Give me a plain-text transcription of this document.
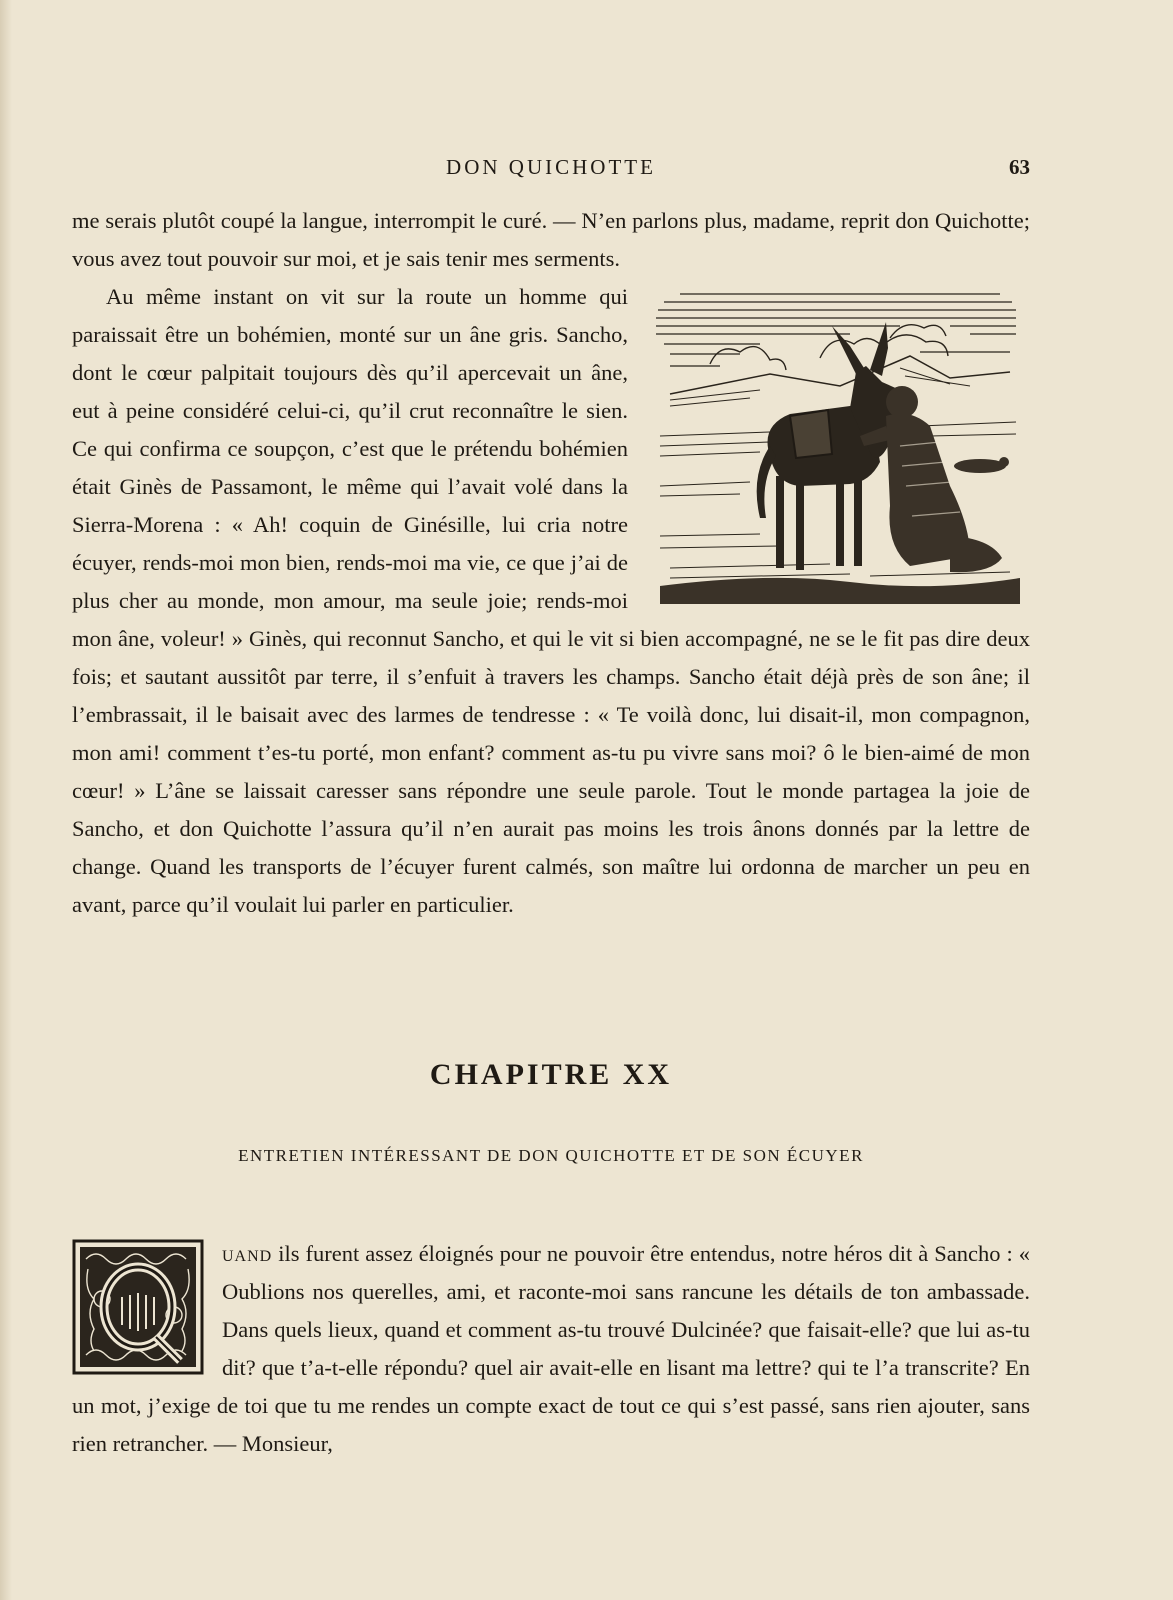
DON QUICHOTTE	63

me serais plutôt coupé la langue, interrompit le curé. — N’en parlons plus, madame, reprit don Quichotte; vous avez tout pouvoir sur moi, et je sais tenir mes serments.

Au même instant on vit sur la route un homme qui paraissait être un bohémien, monté sur un âne gris. Sancho, dont le cœur palpitait toujours dès qu’il apercevait un âne, eut à peine considéré celui-ci, qu’il crut reconnaître le sien. Ce qui confirma ce soupçon, c’est que le prétendu bohémien était Ginès de Passamont, le même qui l’avait volé dans la Sierra-Morena : « Ah! coquin de Ginésille, lui cria notre écuyer, rends-moi mon bien, rends-moi ma vie, ce que j’ai de plus cher au monde, mon amour, ma seule joie; rends-moi mon âne, voleur! » Ginès, qui reconnut Sancho, et qui le vit si bien accompagné, ne se le fit pas dire deux fois; et sautant aussitôt par terre, il s’enfuit à travers les champs. Sancho était déjà près de son âne; il l’embrassait, il le baisait avec des larmes de tendresse : « Te voilà donc, lui disait-il, mon compagnon, mon ami! comment t’es-tu porté, mon enfant? comment as-tu pu vivre sans moi? ô le bien-aimé de mon cœur! » L’âne se laissait caresser sans répondre une seule parole. Tout le monde partagea la joie de Sancho, et don Quichotte l’assura qu’il n’en aurait pas moins les trois ânons donnés par la lettre de change. Quand les transports de l’écuyer furent calmés, son maître lui ordonna de marcher un peu en avant, parce qu’il voulait lui parler en particulier.

CHAPITRE XX
ENTRETIEN INTÉRESSANT DE DON QUICHOTTE ET DE SON ÉCUYER

uand ils furent assez éloignés pour ne pouvoir être entendus, notre héros dit à Sancho : « Oublions nos querelles, ami, et raconte-moi sans rancune les détails de ton ambassade. Dans quels lieux, quand et comment as-tu trouvé Dulcinée? que faisait-elle? que lui as-tu dit? que t’a-t-elle répondu? quel air avait-elle en lisant ma lettre? qui te l’a transcrite? En un mot, j’exige de toi que tu me rendes un compte exact de tout ce qui s’est passé, sans rien ajouter, sans rien retrancher. — Monsieur,
